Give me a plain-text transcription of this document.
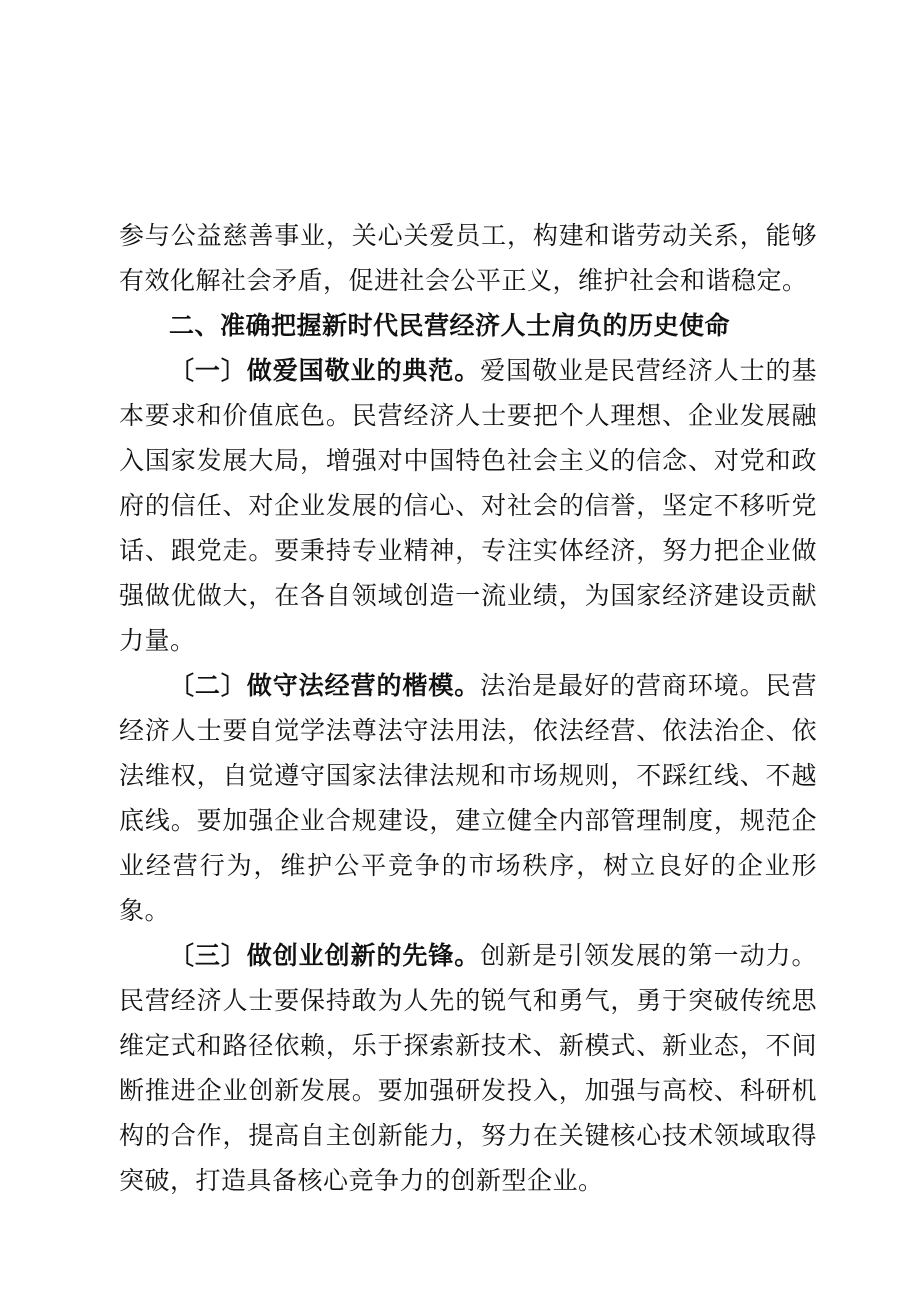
参与公益慈善事业，关心关爱员工，构建和谐劳动关系，能够有效化解社会矛盾，促进社会公平正义，维护社会和谐稳定。

二、准确把握新时代民营经济人士肩负的历史使命

〔一〕做爱国敬业的典范。爱国敬业是民营经济人士的基本要求和价值底色。民营经济人士要把个人理想、企业发展融入国家发展大局，增强对中国特色社会主义的信念、对党和政府的信任、对企业发展的信心、对社会的信誉，坚定不移听党话、跟党走。要秉持专业精神，专注实体经济，努力把企业做强做优做大，在各自领域创造一流业绩，为国家经济建设贡献力量。

〔二〕做守法经营的楷模。法治是最好的营商环境。民营经济人士要自觉学法尊法守法用法，依法经营、依法治企、依法维权，自觉遵守国家法律法规和市场规则，不踩红线、不越底线。要加强企业合规建设，建立健全内部管理制度，规范企业经营行为，维护公平竞争的市场秩序，树立良好的企业形象。

〔三〕做创业创新的先锋。创新是引领发展的第一动力。民营经济人士要保持敢为人先的锐气和勇气，勇于突破传统思维定式和路径依赖，乐于探索新技术、新模式、新业态，不间断推进企业创新发展。要加强研发投入，加强与高校、科研机构的合作，提高自主创新能力，努力在关键核心技术领域取得突破，打造具备核心竞争力的创新型企业。
